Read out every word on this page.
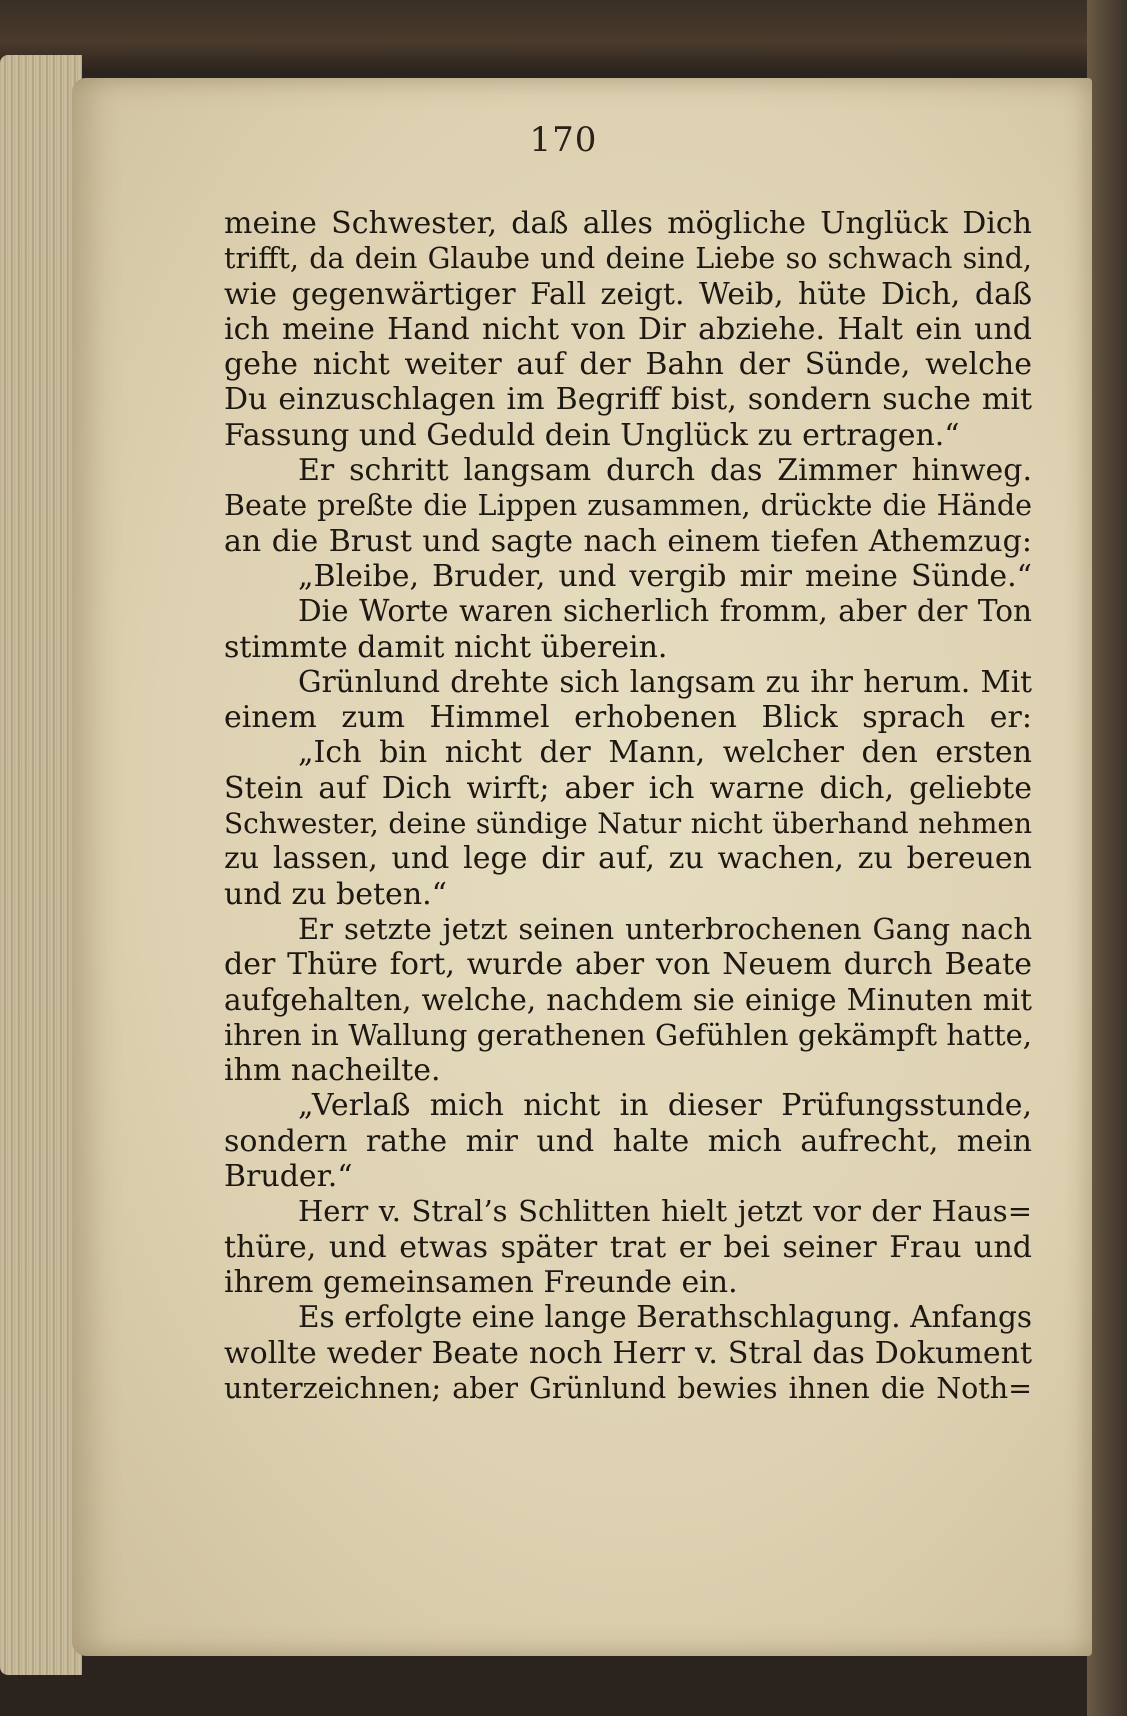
170
meine Schwester, daß alles mögliche Unglück Dich
trifft, da dein Glaube und deine Liebe so schwach sind,
wie gegenwärtiger Fall zeigt. Weib, hüte Dich, daß
ich meine Hand nicht von Dir abziehe. Halt ein und
gehe nicht weiter auf der Bahn der Sünde, welche
Du einzuschlagen im Begriff bist, sondern suche mit
Fassung und Geduld dein Unglück zu ertragen.“
Er schritt langsam durch das Zimmer hinweg.
Beate preßte die Lippen zusammen, drückte die Hände
an die Brust und sagte nach einem tiefen Athemzug:
„Bleibe, Bruder, und vergib mir meine Sünde.“
Die Worte waren sicherlich fromm, aber der Ton
stimmte damit nicht überein.
Grünlund drehte sich langsam zu ihr herum. Mit
einem zum Himmel erhobenen Blick sprach er:
„Ich bin nicht der Mann, welcher den ersten
Stein auf Dich wirft; aber ich warne dich, geliebte
Schwester, deine sündige Natur nicht überhand nehmen
zu lassen, und lege dir auf, zu wachen, zu bereuen
und zu beten.“
Er setzte jetzt seinen unterbrochenen Gang nach
der Thüre fort, wurde aber von Neuem durch Beate
aufgehalten, welche, nachdem sie einige Minuten mit
ihren in Wallung gerathenen Gefühlen gekämpft hatte,
ihm nacheilte.
„Verlaß mich nicht in dieser Prüfungsstunde,
sondern rathe mir und halte mich aufrecht, mein
Bruder.“
Herr v. Stral’s Schlitten hielt jetzt vor der Haus=
thüre, und etwas später trat er bei seiner Frau und
ihrem gemeinsamen Freunde ein.
Es erfolgte eine lange Berathschlagung. Anfangs
wollte weder Beate noch Herr v. Stral das Dokument
unterzeichnen; aber Grünlund bewies ihnen die Noth=
